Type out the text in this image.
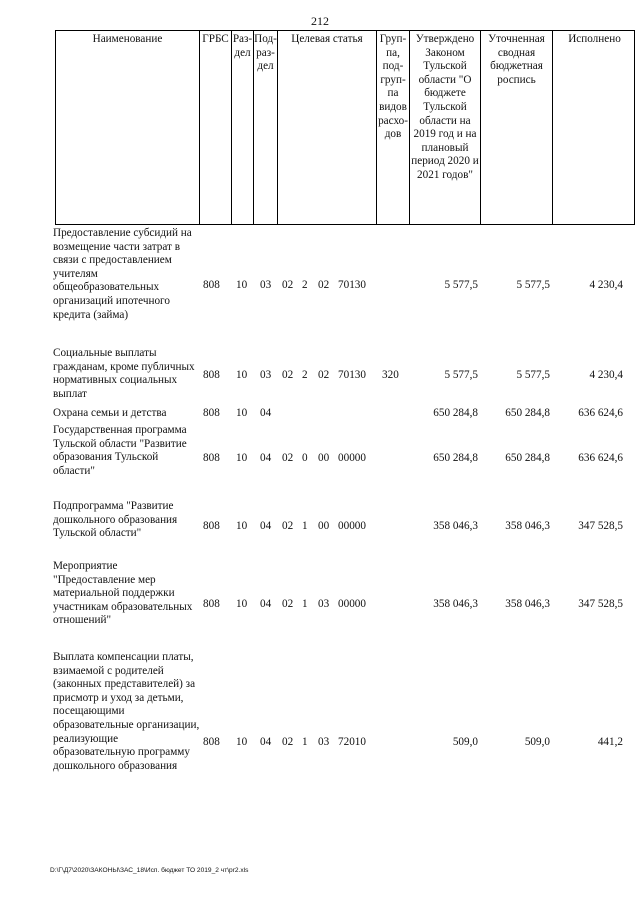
212
Наименование	ГРБС Раз-дел
Под-раз-дел
Целевая статья	Груп-па, под-груп-па видов расхо-дов
Утверждено Законом Тульской области "О бюджете Тульской области на 2019 год и на плановый период 2020 и 2021 годов"
Уточненная сводная бюджетная роспись
Исполнено
Предоставление субсидий на возмещение части затрат в связи с предоставлением учителям общеобразовательных организаций ипотечного кредита (займа)
808 10 03 02 2 02 70130	5 577,5	5 577,5	4 230,4
Социальные выплаты гражданам, кроме публичных нормативных социальных выплат
808 10 03 02 2 02 70130 320	5 577,5	5 577,5	4 230,4
Охрана семьи и детства	808 10 04	650 284,8	650 284,8	636 624,6
Государственная программа Тульской области "Развитие образования Тульской области"
808 10 04 02 0 00 00000	650 284,8	650 284,8	636 624,6
Подпрограмма "Развитие дошкольного образования Тульской области"
808 10 04 02 1 00 00000	358 046,3	358 046,3	347 528,5
Мероприятие "Предоставление мер материальной поддержки участникам образовательных отношений"
808 10 04 02 1 03 00000	358 046,3	358 046,3	347 528,5
Выплата компенсации платы, взимаемой с родителей (законных представителей) за присмотр и уход за детьми, посещающими образовательные организации, реализующие образовательную программу дошкольного образования
808 10 04 02 1 03 72010	509,0	509,0	441,2
D:\Г\Д7\2020\ЗАКОНЫ\ЗАС_18\Исп. бюджет ТО 2019_2 чт\pr2.xls
